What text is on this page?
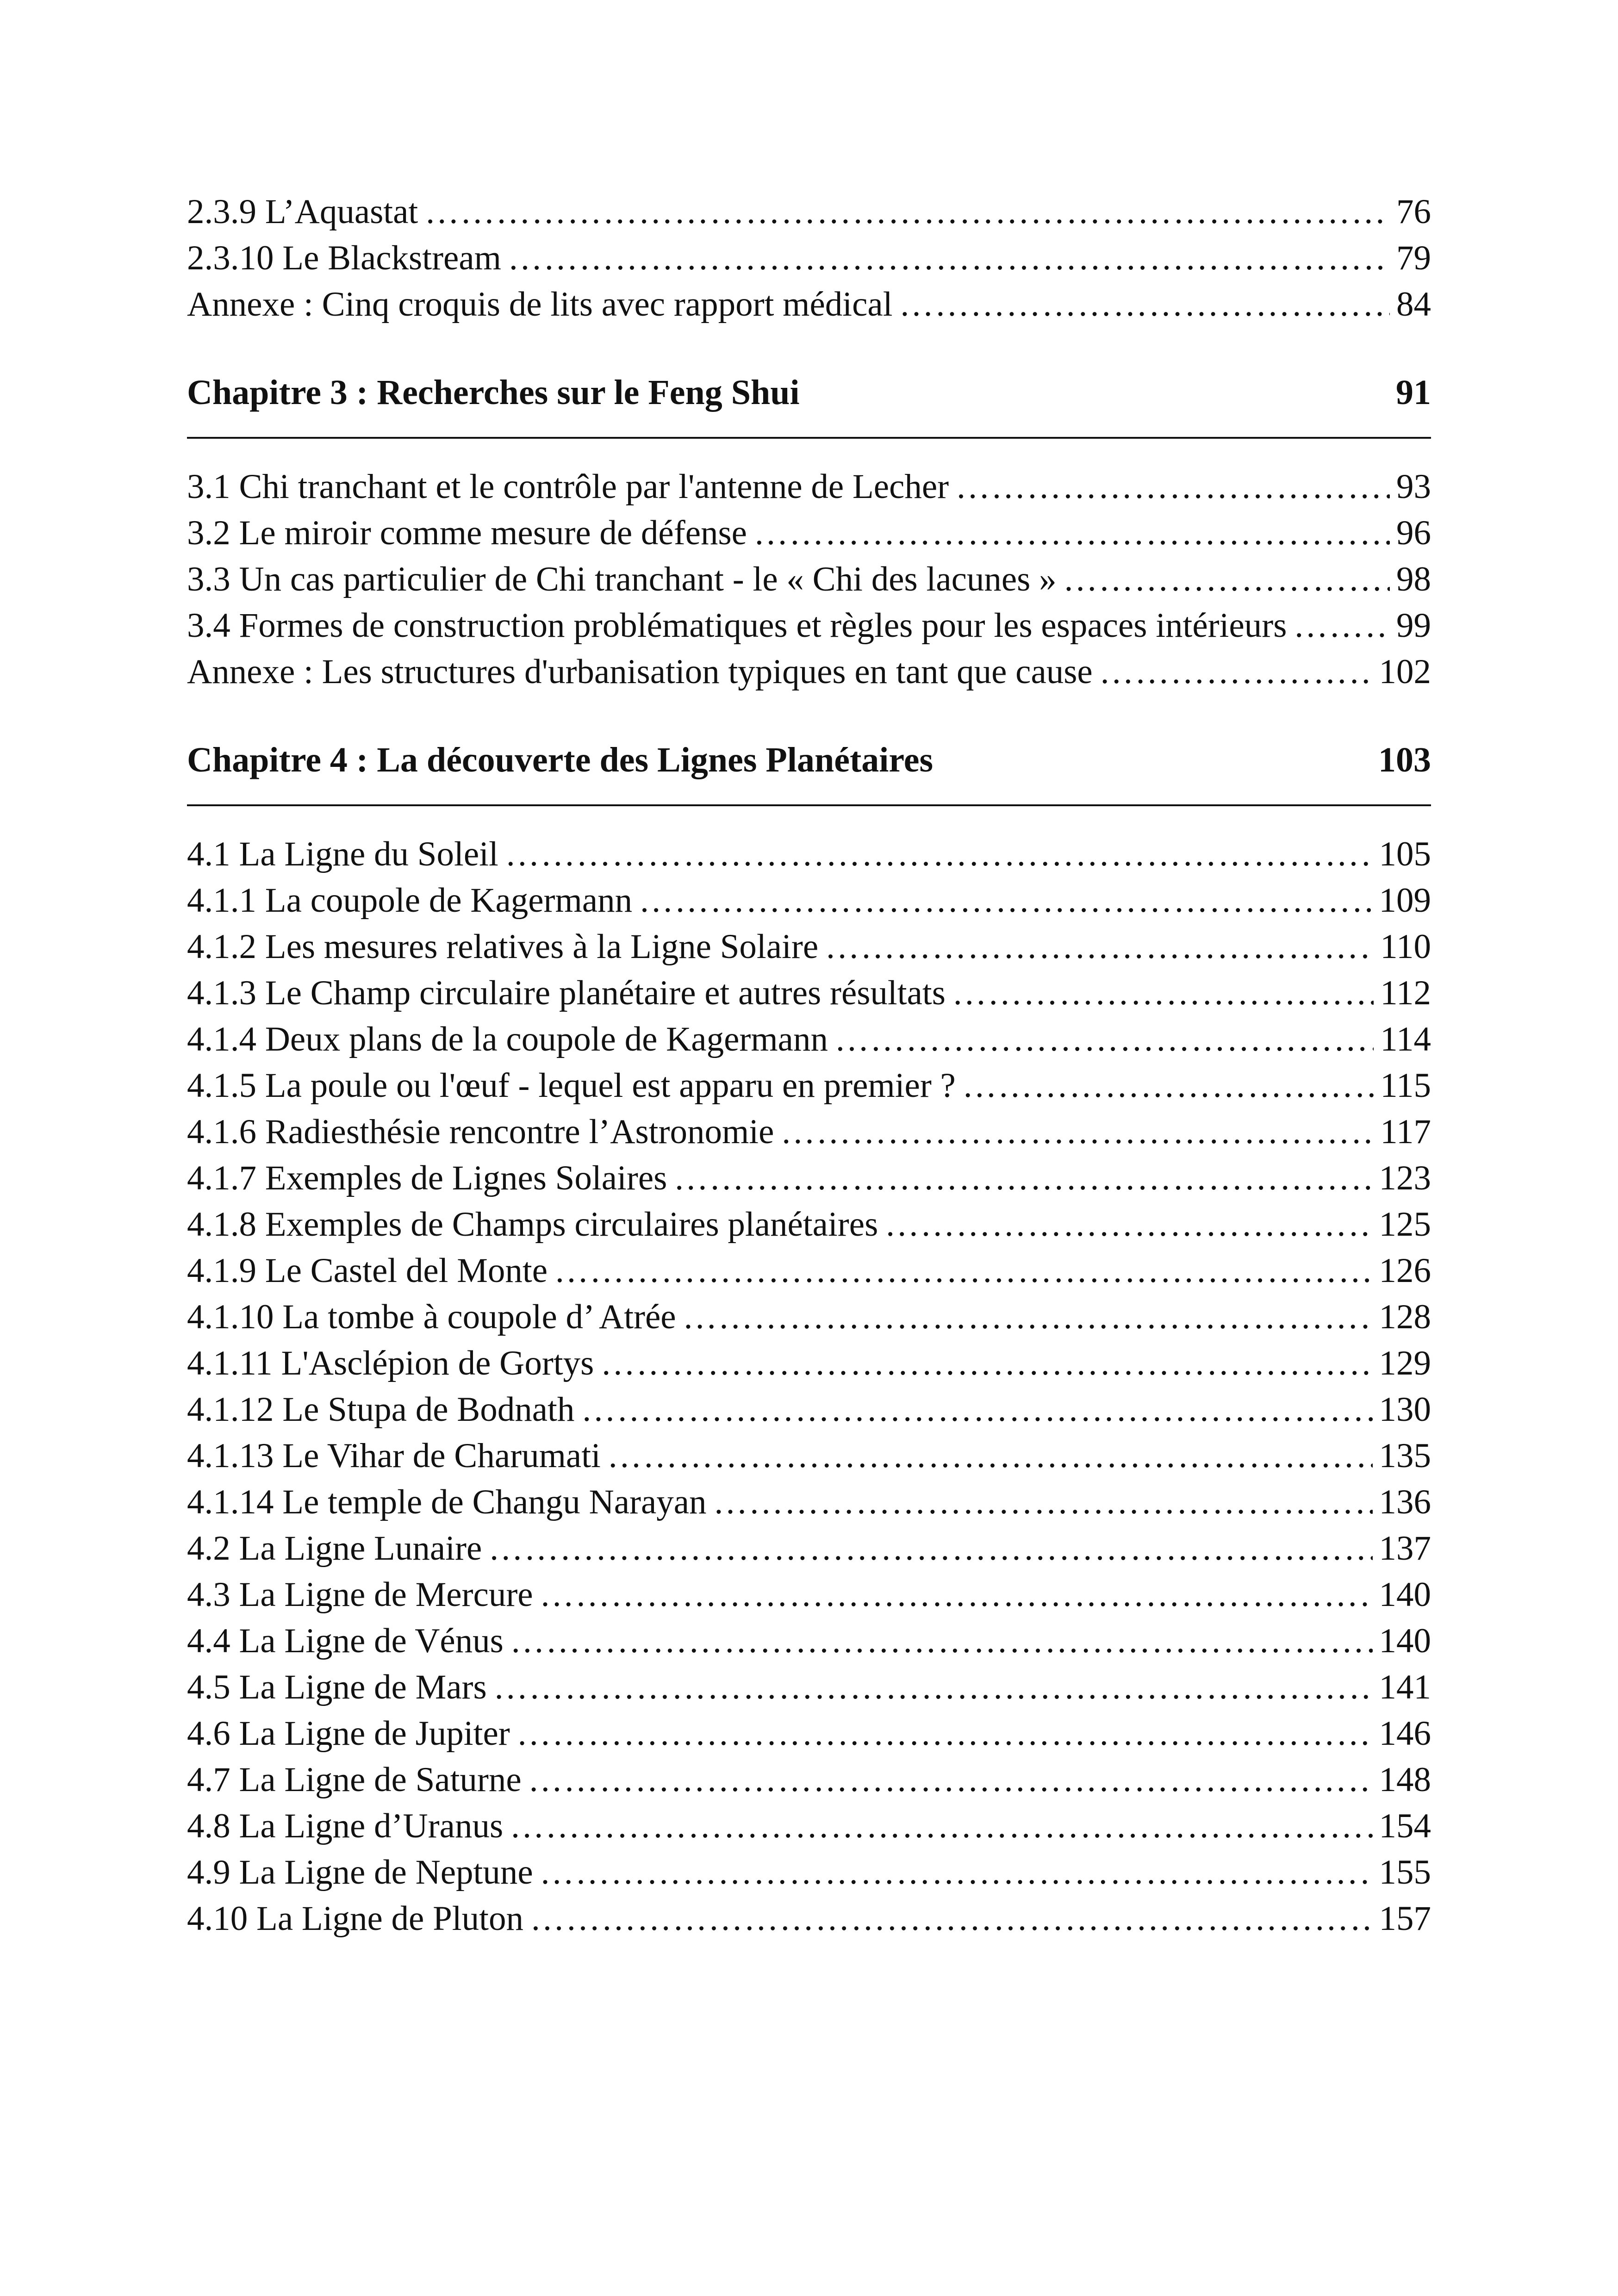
2.3.9 L’Aquastat …………………………………………………………………………………………………………………………………………………………	76
2.3.10 Le Blackstream …………………………………………………………………………………………………………………………………………………………	79
Annexe : Cinq croquis de lits avec rapport médical …………………………………………………………………………………………………………………………………………………………	84
Chapitre 3 : Recherches sur le Feng Shui	91
3.1 Chi tranchant et le contrôle par l'antenne de Lecher …………………………………………………………………………………………………………………………………………………………	93
3.2 Le miroir comme mesure de défense …………………………………………………………………………………………………………………………………………………………	96
3.3 Un cas particulier de Chi tranchant - le « Chi des lacunes » …………………………………………………………………………………………………………………………………………………………	98
3.4 Formes de construction problématiques et règles pour les espaces intérieurs …………………………………………………………………………………………………………………………………………………………	99
Annexe : Les structures d'urbanisation typiques en tant que cause …………………………………………………………………………………………………………………………………………………………	102
Chapitre 4 : La découverte des Lignes Planétaires	103
4.1 La Ligne du Soleil …………………………………………………………………………………………………………………………………………………………	105
4.1.1 La coupole de Kagermann …………………………………………………………………………………………………………………………………………………………	109
4.1.2 Les mesures relatives à la Ligne Solaire …………………………………………………………………………………………………………………………………………………………	110
4.1.3 Le Champ circulaire planétaire et autres résultats …………………………………………………………………………………………………………………………………………………………	112
4.1.4 Deux plans de la coupole de Kagermann …………………………………………………………………………………………………………………………………………………………	114
4.1.5 La poule ou l'œuf - lequel est apparu en premier ? …………………………………………………………………………………………………………………………………………………………	115
4.1.6 Radiesthésie rencontre l’Astronomie …………………………………………………………………………………………………………………………………………………………	117
4.1.7 Exemples de Lignes Solaires …………………………………………………………………………………………………………………………………………………………	123
4.1.8 Exemples de Champs circulaires planétaires …………………………………………………………………………………………………………………………………………………………	125
4.1.9 Le Castel del Monte …………………………………………………………………………………………………………………………………………………………	126
4.1.10 La tombe à coupole d’ Atrée …………………………………………………………………………………………………………………………………………………………	128
4.1.11 L'Asclépion de Gortys …………………………………………………………………………………………………………………………………………………………	129
4.1.12 Le Stupa de Bodnath …………………………………………………………………………………………………………………………………………………………	130
4.1.13 Le Vihar de Charumati …………………………………………………………………………………………………………………………………………………………	135
4.1.14 Le temple de Changu Narayan …………………………………………………………………………………………………………………………………………………………	136
4.2 La Ligne Lunaire …………………………………………………………………………………………………………………………………………………………	137
4.3 La Ligne de Mercure …………………………………………………………………………………………………………………………………………………………	140
4.4 La Ligne de Vénus …………………………………………………………………………………………………………………………………………………………	140
4.5 La Ligne de Mars …………………………………………………………………………………………………………………………………………………………	141
4.6 La Ligne de Jupiter …………………………………………………………………………………………………………………………………………………………	146
4.7 La Ligne de Saturne …………………………………………………………………………………………………………………………………………………………	148
4.8 La Ligne d’Uranus …………………………………………………………………………………………………………………………………………………………	154
4.9 La Ligne de Neptune …………………………………………………………………………………………………………………………………………………………	155
4.10 La Ligne de Pluton …………………………………………………………………………………………………………………………………………………………	157
